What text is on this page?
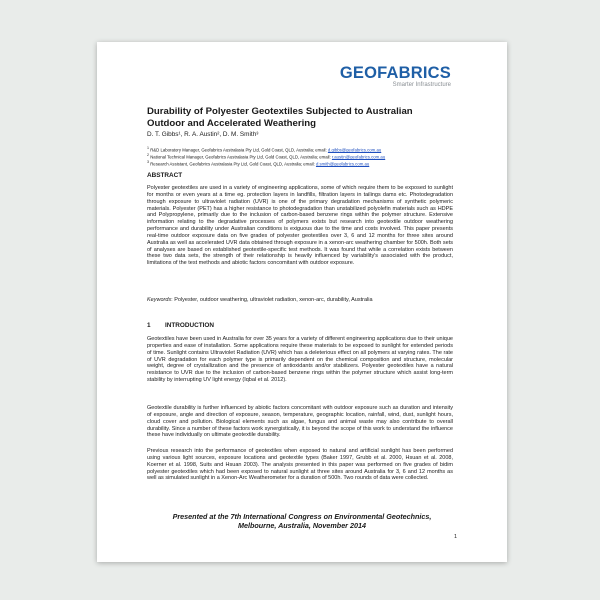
GEOFABRICS
Smarter Infrastructure
Durability of Polyester Geotextiles Subjected to Australian Outdoor and Accelerated Weathering
D. T. Gibbs¹, R. A. Austin², D. M. Smith³
$^1$ R&D Laboratory Manager, Geofabrics Australasia Pty Ltd, Gold Coast, QLD, Australia; email: d.gibbs@geofabrics.com.au
$^2$ National Technical Manager, Geofabrics Australasia Pty Ltd, Gold Coast, QLD, Australia; email: r.austin@geofabrics.com.au
$^3$ Research Assistant, Geofabrics Australasia Pty Ltd, Gold Coast, QLD, Australia; email: d.smith@geofabrics.com.au
ABSTRACT

Polyester geotextiles are used in a variety of engineering applications, some of which require them to be exposed to sunlight for months or even years at a time eg. protection layers in landfills, filtration layers in tailings dams etc. Photodegradation through exposure to ultraviolet radiation (UVR) is one of the primary degradation mechanisms of synthetic polymeric materials. Polyester (PET) has a higher resistance to photodegradation than unstabilized polyolefin materials such as HDPE and Polypropylene, primarily due to the inclusion of carbon-based benzene rings within the polymer structure. Extensive information relating to the degradative processes of polymers exists but research into geotextile outdoor weathering performance and durability under Australian conditions is exiguous due to the time and costs involved. This paper presents real-time outdoor exposure data on five grades of polyester geotextiles over 3, 6 and 12 months for three sites around Australia as well as accelerated UVR data obtained through exposure in a xenon-arc weathering chamber for 500h. Both sets of analyses are based on established geotextile-specific test methods. It was found that while a correlation exists between these two data sets, the strength of their relationship is heavily influenced by variability's associated with the product, limitations of the test methods and abiotic factors concomitant with outdoor exposure.

Keywords: Polyester, outdoor weathering, ultraviolet radiation, xenon-arc, durability, Australia
1 INTRODUCTION

Geotextiles have been used in Australia for over 35 years for a variety of different engineering applications due to their unique properties and ease of installation. Some applications require these materials to be exposed to sunlight for extended periods of time. Sunlight contains Ultraviolet Radiation (UVR) which has a deleterious effect on all polymers at varying rates. The rate of UVR degradation for each polymer type is primarily dependent on the chemical composition and structure, molecular weight, degree of crystallization and the presence of antioxidants and/or stabilizers. Polyester geotextiles have a natural resistance to UVR due to the inclusion of carbon-based benzene rings within the polymer structure which assist long-term stability by interrupting UV light energy (Iqbal et al. 2012).

Geotextile durability is further influenced by abiotic factors concomitant with outdoor exposure such as duration and intensity of exposure, angle and direction of exposure, season, temperature, geographic location, rainfall, wind, dust, sunlight hours, cloud cover and pollution. Biological elements such as algae, fungus and animal waste may also contribute to overall durability. Since a number of these factors work synergistically, it is beyond the scope of this work to understand the influence these have individually on ultimate geotextile durability.

Previous research into the performance of geotextiles when exposed to natural and artificial sunlight has been performed using various light sources, exposure locations and geotextile types (Baker 1997, Grubb et al. 2000, Hsuan et al. 2008, Koerner et al. 1998, Suits and Hsuan 2003). The analysis presented in this paper was performed on five grades of bidim polyester geotextiles which had been exposed to natural sunlight at three sites around Australia for 3, 6 and 12 months as well as simulated sunlight in a Xenon-Arc Weatherometer for a duration of 500h. Two rounds of data were collected.

Presented at the 7th International Congress on Environmental Geotechnics,
Melbourne, Australia, November 2014
1
